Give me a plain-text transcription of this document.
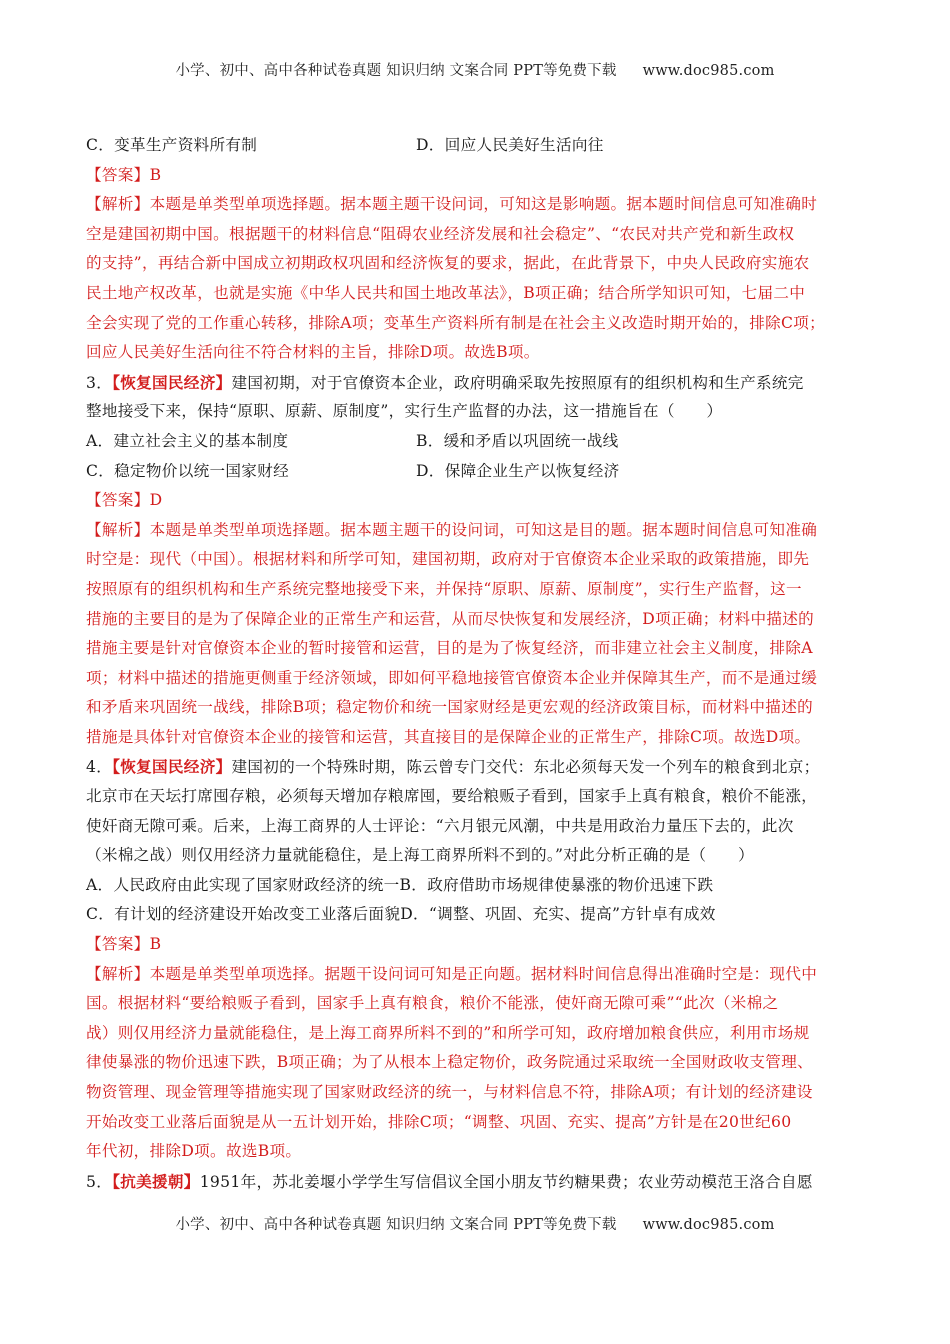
小学、初中、高中各种试卷真题 知识归纳 文案合同 PPT等免费下载 www.doc985.com
C．变革生产资料所有制	D．回应人民美好生活向往
【答案】B
【解析】本题是单类型单项选择题。据本题主题干设问词，可知这是影响题。据本题时间信息可知准确时
空是建国初期中国。根据题干的材料信息“阻碍农业经济发展和社会稳定”、“农民对共产党和新生政权
的支持”，再结合新中国成立初期政权巩固和经济恢复的要求，据此，在此背景下，中央人民政府实施农
民土地产权改革，也就是实施《中华人民共和国土地改革法》，B项正确；结合所学知识可知，七届二中
全会实现了党的工作重心转移，排除A项；变革生产资料所有制是在社会主义改造时期开始的，排除C项；
回应人民美好生活向往不符合材料的主旨，排除D项。故选B项。
3．【恢复国民经济】建国初期，对于官僚资本企业，政府明确采取先按照原有的组织机构和生产系统完
整地接受下来，保持“原职、原薪、原制度”，实行生产监督的办法，这一措施旨在（　　）
A．建立社会主义的基本制度	B．缓和矛盾以巩固统一战线
C．稳定物价以统一国家财经	D．保障企业生产以恢复经济
【答案】D
【解析】本题是单类型单项选择题。据本题主题干的设问词，可知这是目的题。据本题时间信息可知准确
时空是：现代（中国）。根据材料和所学可知，建国初期，政府对于官僚资本企业采取的政策措施，即先
按照原有的组织机构和生产系统完整地接受下来，并保持“原职、原薪、原制度”，实行生产监督，这一
措施的主要目的是为了保障企业的正常生产和运营，从而尽快恢复和发展经济，D项正确；材料中描述的
措施主要是针对官僚资本企业的暂时接管和运营，目的是为了恢复经济，而非建立社会主义制度，排除A
项；材料中描述的措施更侧重于经济领域，即如何平稳地接管官僚资本企业并保障其生产，而不是通过缓
和矛盾来巩固统一战线，排除B项；稳定物价和统一国家财经是更宏观的经济政策目标，而材料中描述的
措施是具体针对官僚资本企业的接管和运营，其直接目的是保障企业的正常生产，排除C项。故选D项。
4．【恢复国民经济】建国初的一个特殊时期，陈云曾专门交代：东北必须每天发一个列车的粮食到北京；
北京市在天坛打席囤存粮，必须每天增加存粮席囤，要给粮贩子看到，国家手上真有粮食，粮价不能涨，
使奸商无隙可乘。后来，上海工商界的人士评论：“六月银元风潮，中共是用政治力量压下去的，此次
（米棉之战）则仅用经济力量就能稳住，是上海工商界所料不到的。”对此分析正确的是（　　）
A．人民政府由此实现了国家财政经济的统一B．政府借助市场规律使暴涨的物价迅速下跌
C．有计划的经济建设开始改变工业落后面貌D．“调整、巩固、充实、提高”方针卓有成效
【答案】B
【解析】本题是单类型单项选择。据题干设问词可知是正向题。据材料时间信息得出准确时空是：现代中
国。根据材料“要给粮贩子看到，国家手上真有粮食，粮价不能涨，使奸商无隙可乘”“此次（米棉之
战）则仅用经济力量就能稳住，是上海工商界所料不到的”和所学可知，政府增加粮食供应，利用市场规
律使暴涨的物价迅速下跌，B项正确；为了从根本上稳定物价，政务院通过采取统一全国财政收支管理、
物资管理、现金管理等措施实现了国家财政经济的统一，与材料信息不符，排除A项；有计划的经济建设
开始改变工业落后面貌是从一五计划开始，排除C项；“调整、巩固、充实、提高”方针是在20世纪60
年代初，排除D项。故选B项。
5．【抗美援朝】1951年，苏北姜堰小学学生写信倡议全国小朋友节约糖果费；农业劳动模范王洛合自愿
小学、初中、高中各种试卷真题 知识归纳 文案合同 PPT等免费下载 www.doc985.com
